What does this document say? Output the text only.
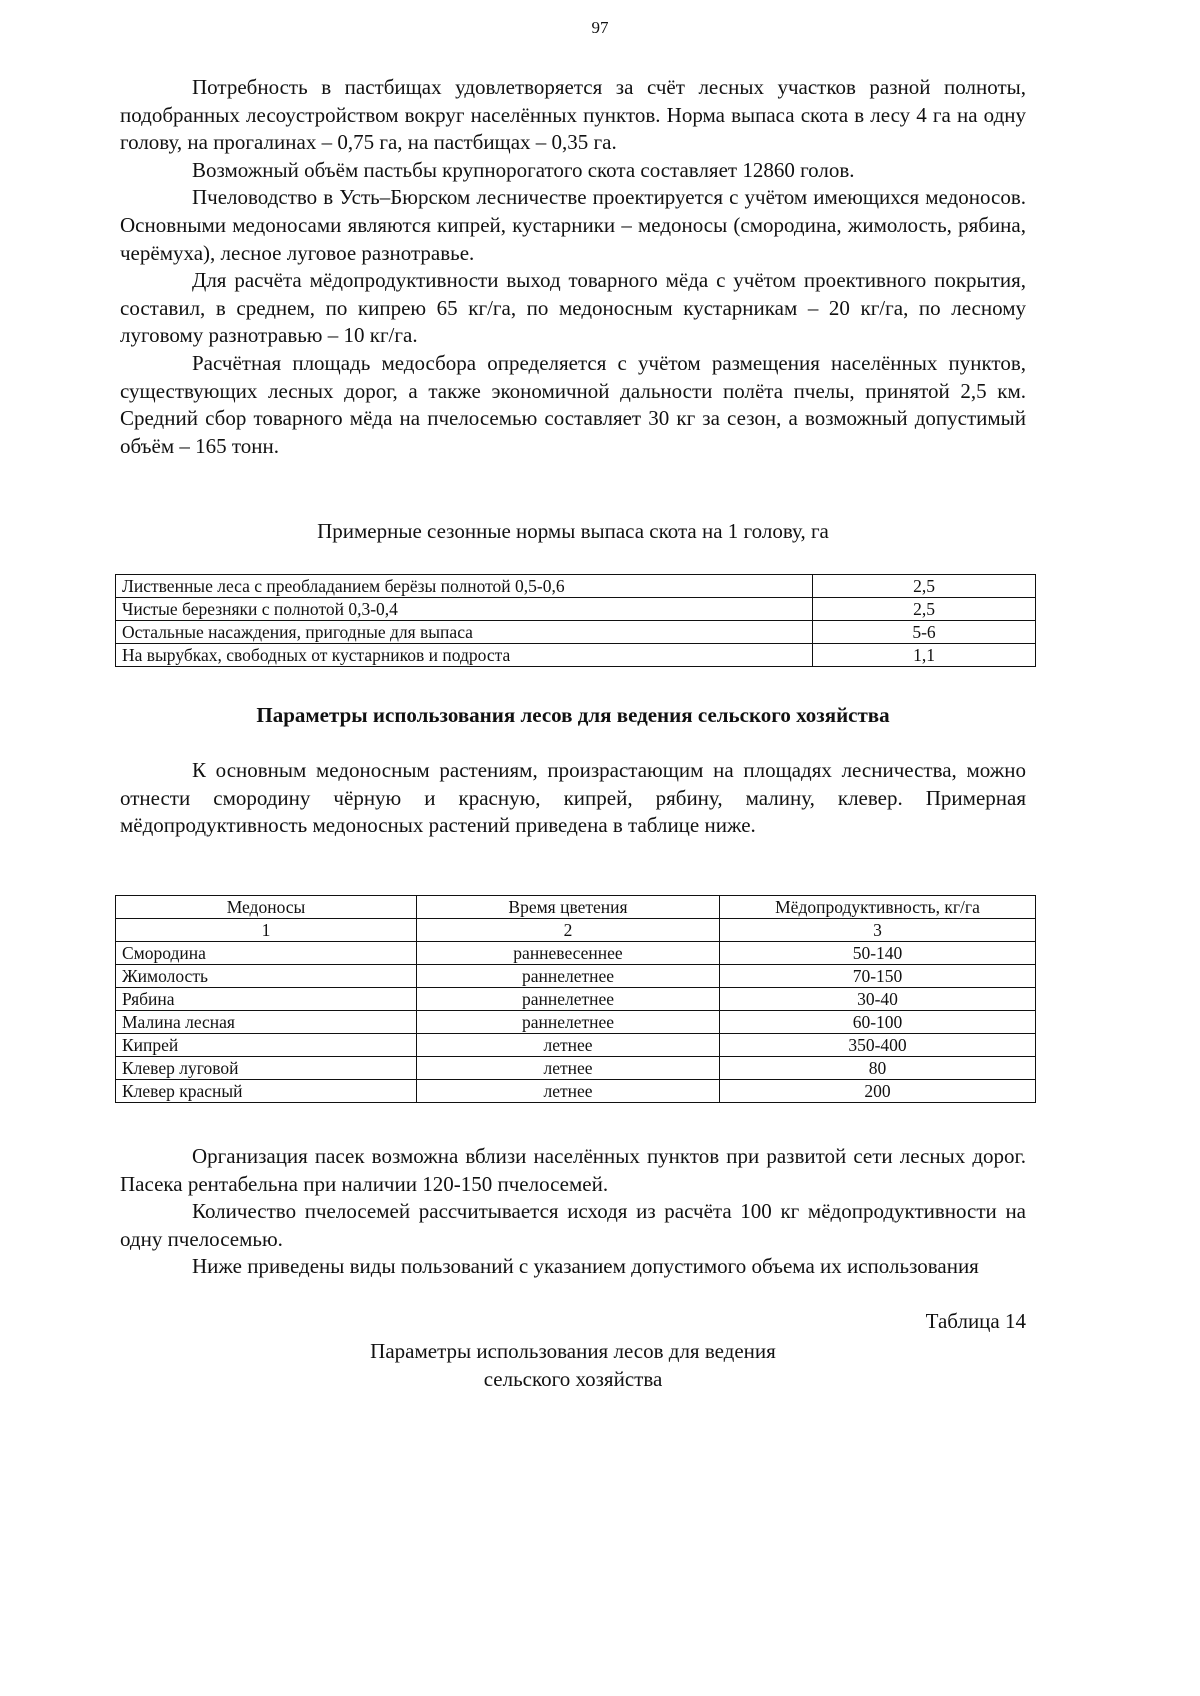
97

Потребность в пастбищах удовлетворяется за счёт лесных участков разной полноты, подобранных лесоустройством вокруг населённых пунктов. Норма выпаса скота в лесу 4 га на одну голову, на прогалинах – 0,75 га, на пастбищах – 0,35 га.

Возможный объём пастьбы крупнорогатого скота составляет 12860 голов.

Пчеловодство в Усть–Бюрском лесничестве проектируется с учётом имеющихся медоносов. Основными медоносами являются кипрей, кустарники – медоносы (смородина, жимолость, рябина, черёмуха), лесное луговое разнотравье.

Для расчёта мёдопродуктивности выход товарного мёда с учётом проективного покрытия, составил, в среднем, по кипрею 65 кг/га, по медоносным кустарникам – 20 кг/га, по лесному луговому разнотравью – 10 кг/га.

Расчётная площадь медосбора определяется с учётом размещения населённых пунктов, существующих лесных дорог, а также экономичной дальности полёта пчелы, принятой 2,5 км. Средний сбор товарного мёда на пчелосемью составляет 30 кг за сезон, а возможный допустимый объём – 165 тонн.

Примерные сезонные нормы выпаса скота на 1 голову, га
Лиственные леса с преобладанием берёзы полнотой 0,5-0,6	2,5
Чистые березняки с полнотой 0,3-0,4	2,5
Остальные насаждения, пригодные для выпаса	5-6
На вырубках, свободных от кустарников и подроста	1,1
Параметры использования лесов для ведения сельского хозяйства

К основным медоносным растениям, произрастающим на площадях лесничества, можно отнести смородину чёрную и красную, кипрей, рябину, малину, клевер. Примерная мёдопродуктивность медоносных растений приведена в таблице ниже.

Медоносы	Время цветения	Мёдопродуктивность, кг/га
1	2	3
Смородина	ранневесеннее	50-140
Жимолость	раннелетнее	70-150
Рябина	раннелетнее	30-40
Малина лесная	раннелетнее	60-100
Кипрей	летнее	350-400
Клевер луговой	летнее	80
Клевер красный	летнее	200

Организация пасек возможна вблизи населённых пунктов при развитой сети лесных дорог. Пасека рентабельна при наличии 120-150 пчелосемей.

Количество пчелосемей рассчитывается исходя из расчёта 100 кг мёдопродуктивности на одну пчелосемью.

Ниже приведены виды пользований с указанием допустимого объема их использования

Таблица 14
Параметры использования лесов для ведения
сельского хозяйства
